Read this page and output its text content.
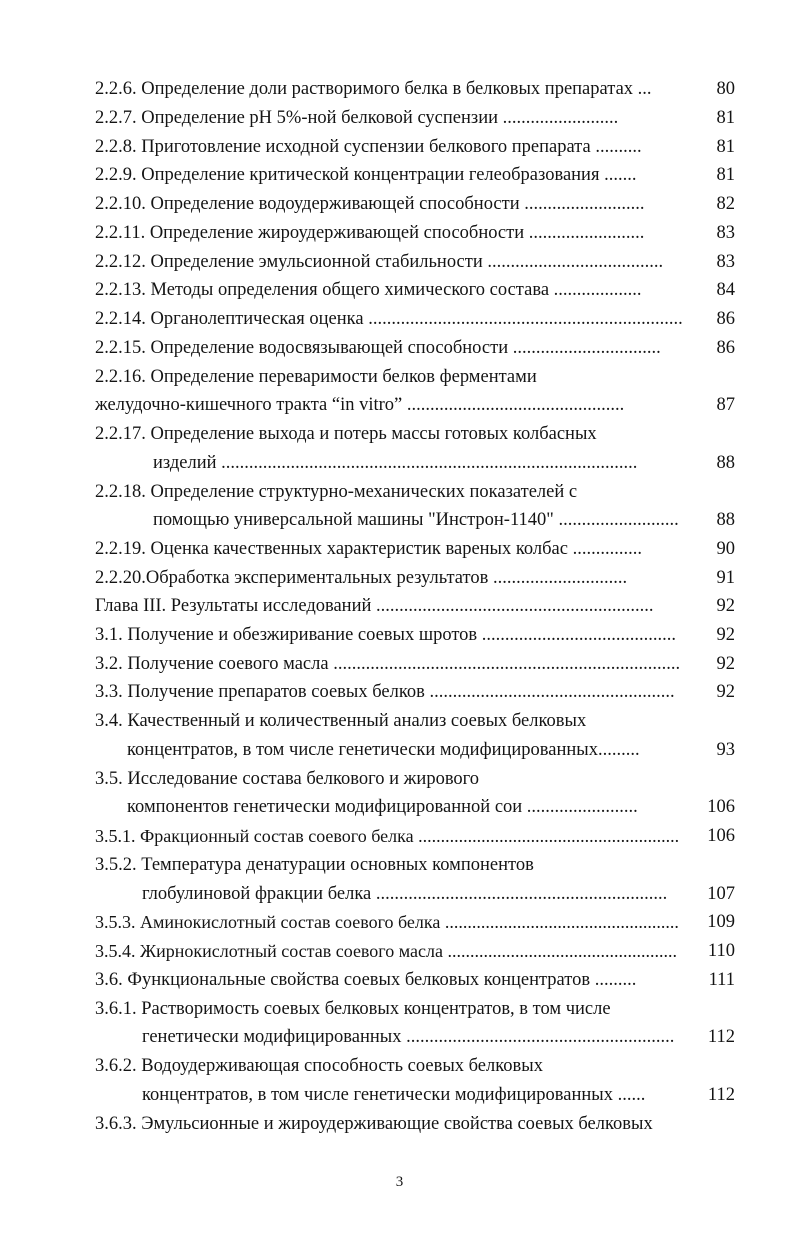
2.2.6. Определение доли растворимого белка в белковых препаратах ...	80
2.2.7. Определение pH 5%-ной белковой суспензии .........................	81
2.2.8. Приготовление исходной суспензии белкового препарата ..........	81
2.2.9. Определение критической концентрации гелеобразования .......	81
2.2.10. Определение водоудерживающей способности ..........................	82
2.2.11. Определение жироудерживающей способности .........................	83
2.2.12. Определение эмульсионной стабильности ......................................	83
2.2.13. Методы определения общего химического состава ...................	84
2.2.14. Органолептическая оценка .................................................................... 86
2.2.15. Определение водосвязывающей способности ................................	86
2.2.16. Определение переваримости белков ферментами
желудочно-кишечного тракта “in vitro” ...............................................	87
2.2.17. Определение выхода и потерь массы готовых колбасных
изделий ..........................................................................................	88
2.2.18. Определение структурно-механических показателей с
помощью универсальной машины "Инстрон-1140" .......................... 88
2.2.19. Оценка качественных характеристик вареных колбас ...............	90
2.2.20.Обработка экспериментальных результатов .............................	91
Глава III. Результаты исследований ............................................................	92
3.1. Получение и обезжиривание соевых шротов .......................................... 92
3.2. Получение соевого масла ........................................................................... 92
3.3. Получение препаратов соевых белков ..................................................... 92
3.4. Качественный и количественный анализ соевых белковых
концентратов, в том числе генетически модифицированных.........	93
3.5. Исследование состава белкового и жирового
компонентов генетически модифицированной сои ........................	106
3.5.1. Фракционный состав соевого белка .......................................................... 106
3.5.2. Температура денатурации основных компонентов
глобулиновой фракции белка ............................................................... 107
3.5.3. Аминокислотный состав соевого белка .................................................... 109
3.5.4. Жирнокислотный состав соевого масла ................................................... 110
3.6. Функциональные свойства соевых белковых концентратов .........	111
3.6.1. Растворимость соевых белковых концентратов, в том числе
генетически модифицированных .......................................................... 112
3.6.2. Водоудерживающая способность соевых белковых
концентратов, в том числе генетически модифицированных ......	112
3.6.3. Эмульсионные и жироудерживающие свойства соевых белковых
3
